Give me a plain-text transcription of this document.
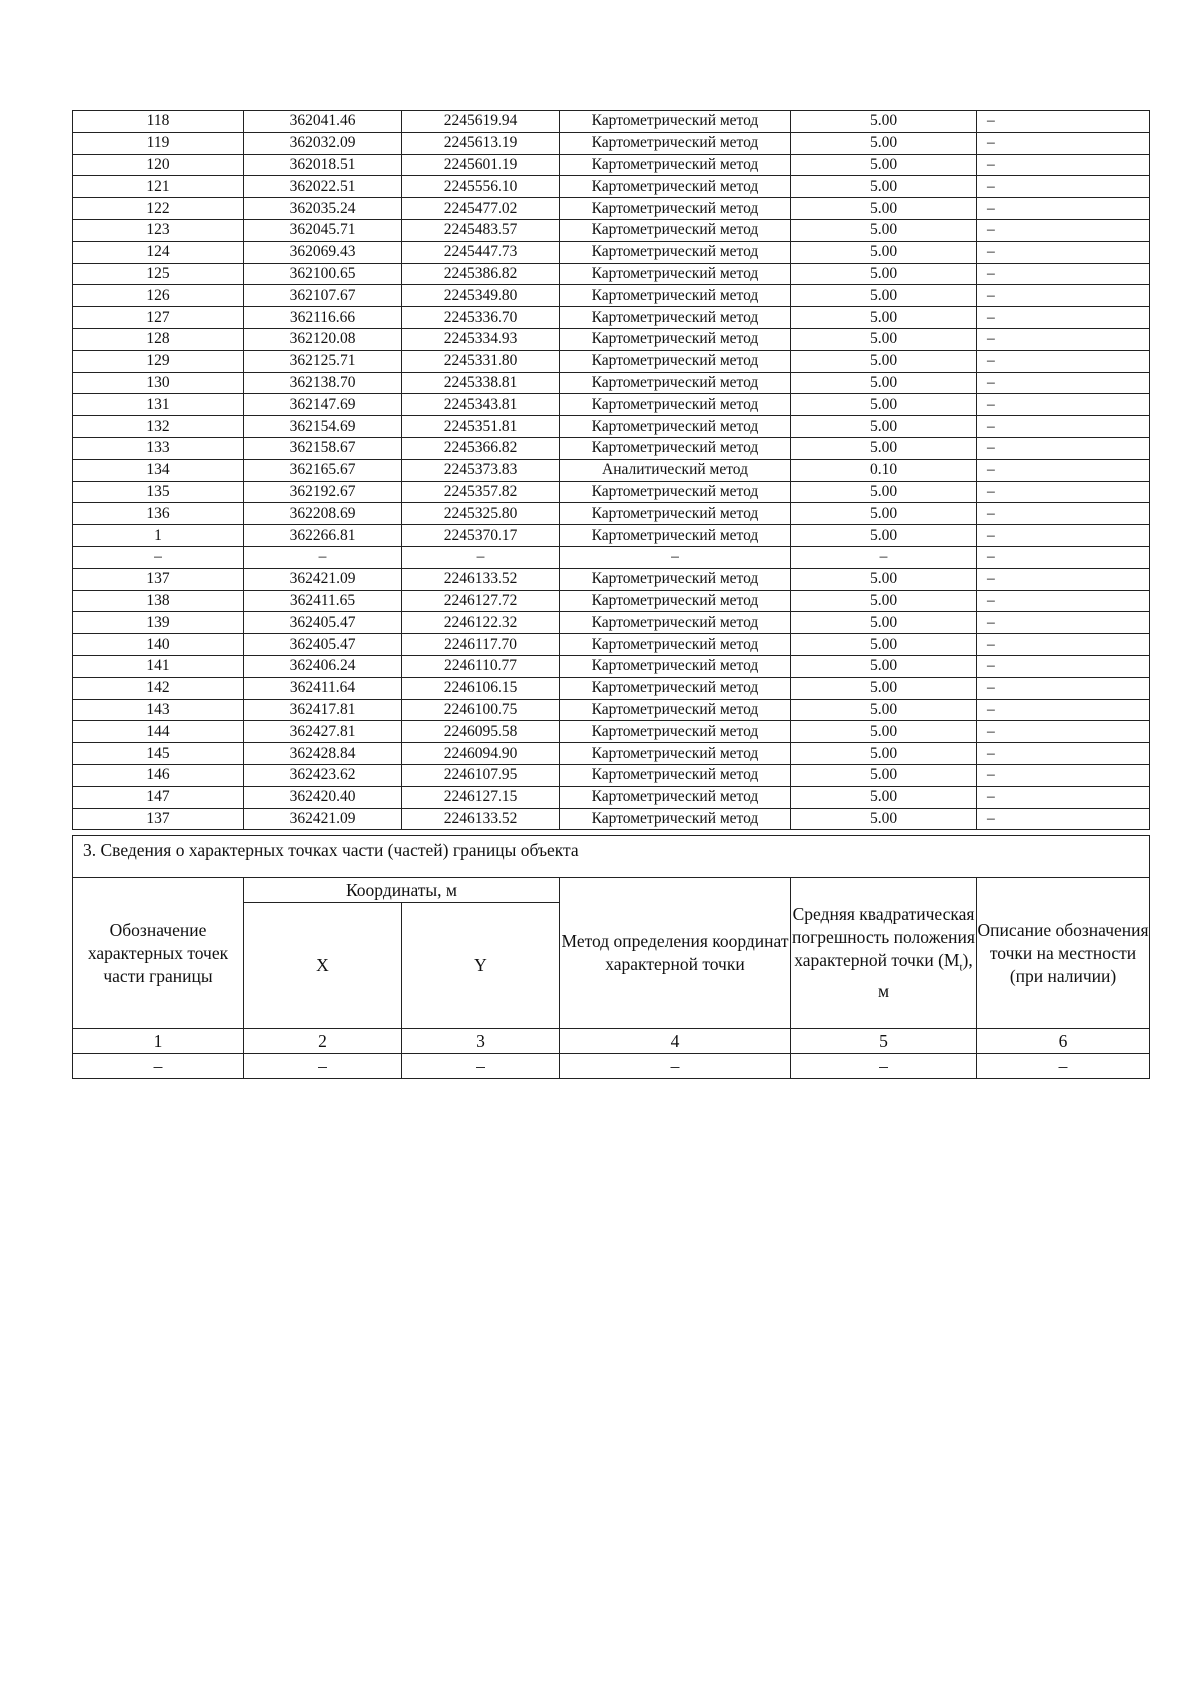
118	362041.46	2245619.94	Картометрический метод	5.00	–
119	362032.09	2245613.19	Картометрический метод	5.00	–
120	362018.51	2245601.19	Картометрический метод	5.00	–
121	362022.51	2245556.10	Картометрический метод	5.00	–
122	362035.24	2245477.02	Картометрический метод	5.00	–
123	362045.71	2245483.57	Картометрический метод	5.00	–
124	362069.43	2245447.73	Картометрический метод	5.00	–
125	362100.65	2245386.82	Картометрический метод	5.00	–
126	362107.67	2245349.80	Картометрический метод	5.00	–
127	362116.66	2245336.70	Картометрический метод	5.00	–
128	362120.08	2245334.93	Картометрический метод	5.00	–
129	362125.71	2245331.80	Картометрический метод	5.00	–
130	362138.70	2245338.81	Картометрический метод	5.00	–
131	362147.69	2245343.81	Картометрический метод	5.00	–
132	362154.69	2245351.81	Картометрический метод	5.00	–
133	362158.67	2245366.82	Картометрический метод	5.00	–
134	362165.67	2245373.83	Аналитический метод	0.10	–
135	362192.67	2245357.82	Картометрический метод	5.00	–
136	362208.69	2245325.80	Картометрический метод	5.00	–
1	362266.81	2245370.17	Картометрический метод	5.00	–
–	–	–	–	–	–
137	362421.09	2246133.52	Картометрический метод	5.00	–
138	362411.65	2246127.72	Картометрический метод	5.00	–
139	362405.47	2246122.32	Картометрический метод	5.00	–
140	362405.47	2246117.70	Картометрический метод	5.00	–
141	362406.24	2246110.77	Картометрический метод	5.00	–
142	362411.64	2246106.15	Картометрический метод	5.00	–
143	362417.81	2246100.75	Картометрический метод	5.00	–
144	362427.81	2246095.58	Картометрический метод	5.00	–
145	362428.84	2246094.90	Картометрический метод	5.00	–
146	362423.62	2246107.95	Картометрический метод	5.00	–
147	362420.40	2246127.15	Картометрический метод	5.00	–
137	362421.09	2246133.52	Картометрический метод	5.00	–
3. Сведения о характерных точках части (частей) границы объекта					
Обозначение характерных точек части границы	Координаты, м		Метод определения координат характерной точки	Средняя квадратическая погрешность положения характерной точки $(M_t)$, м	Описание обозначения точки на местности (при наличии)
	X	Y			
1	2	3	4	5	6
–	–	–	–	–	–
